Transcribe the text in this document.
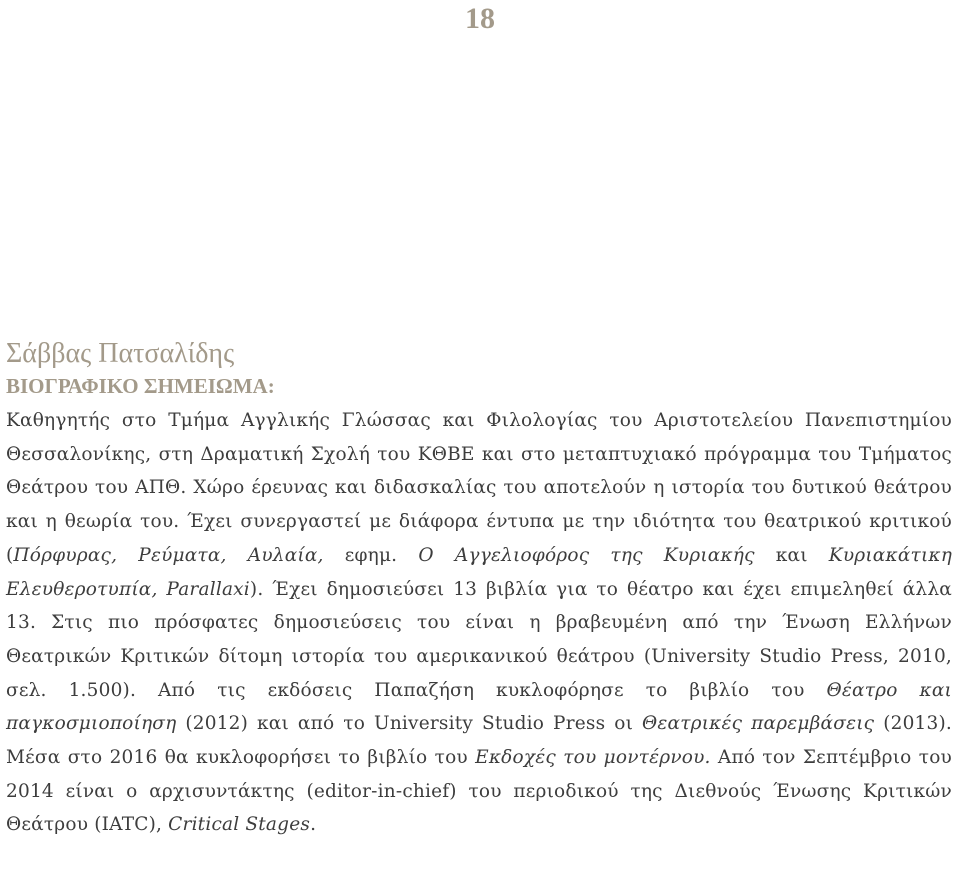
18

Σάββας Πατσαλίδης

ΒΙΟΓΡΑΦΙΚΟ ΣΗΜΕΙΩΜΑ:

Καθηγητής στο Τμήμα Αγγλικής Γλώσσας και Φιλολογίας του Αριστοτελείου Πανεπιστημίου Θεσσαλονίκης, στη Δραματική Σχολή του ΚΘΒΕ και στο μεταπτυχιακό πρόγραμμα του Τμήματος Θεάτρου του ΑΠΘ. Χώρο έρευνας και διδασκαλίας του αποτελούν η ιστορία του δυτικού θεάτρου και η θεωρία του. Έχει συνεργαστεί με διάφορα έντυπα με την ιδιότητα του θεατρικού κριτικού (Πόρφυρας, Ρεύματα, Αυλαία, εφημ. Ο Αγγελιοφόρος της Κυριακής και Κυριακάτικη Ελευθεροτυπία, Parallaxi). Έχει δημοσιεύσει 13 βιβλία για το θέατρο και έχει επιμεληθεί άλλα 13. Στις πιο πρόσφατες δημοσιεύσεις του είναι η βραβευμένη από την Ένωση Ελλήνων Θεατρικών Κριτικών δίτομη ιστορία του αμερικανικού θεάτρου (University Studio Press, 2010, σελ. 1.500). Από τις εκδόσεις Παπαζήση κυκλοφόρησε το βιβλίο του Θέατρο και παγκοσμιοποίηση (2012) και από το University Studio Press οι Θεατρικές παρεμβάσεις (2013). Μέσα στο 2016 θα κυκλοφορήσει το βιβλίο του Εκδοχές του μοντέρνου. Από τον Σεπτέμβριο του 2014 είναι ο αρχισυντάκτης (editor-in-chief) του περιοδικού της Διεθνούς Ένωσης Κριτικών Θεάτρου (IATC), Critical Stages.
